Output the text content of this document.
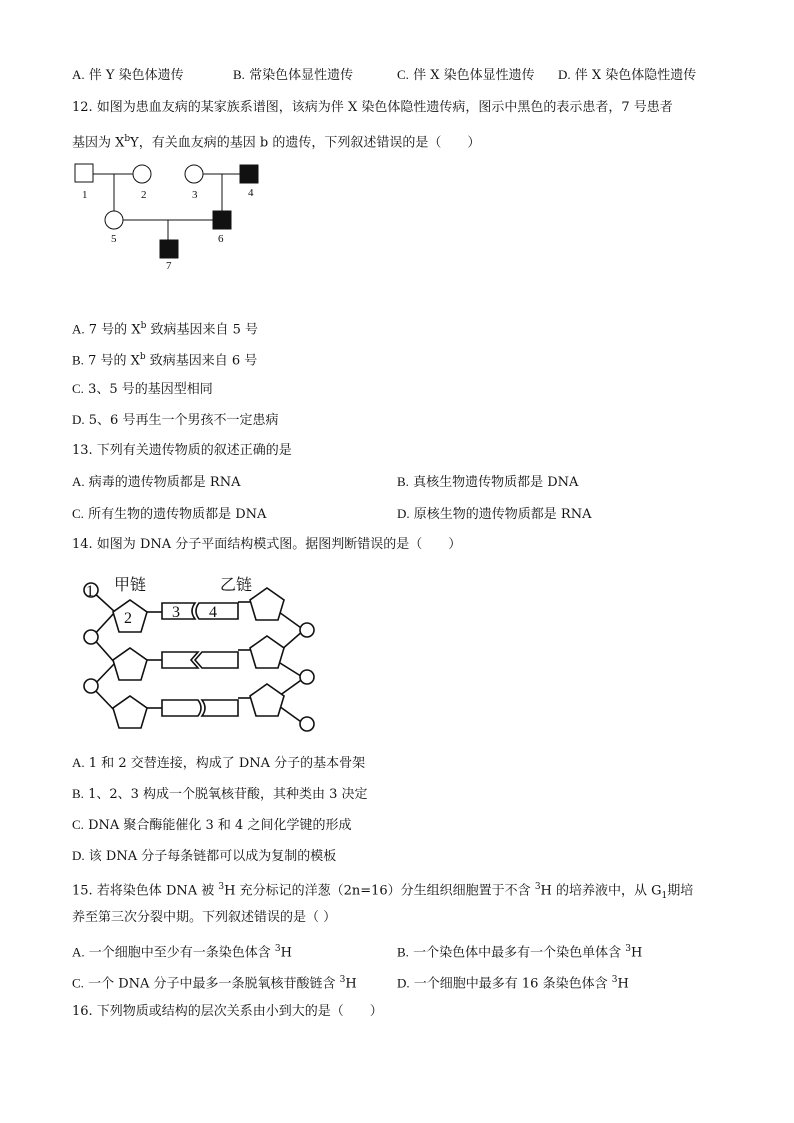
A. 伴 Y 染色体遗传	B. 常染色体显性遗传	C. 伴 X 染色体显性遗传 D. 伴 X 染色体隐性遗传
12. 如图为患血友病的某家族系谱图，该病为伴 X 染色体隐性遗传病，图示中黑色的表示患者，7 号患者
基因为 $X^bY$，有关血友病的基因 b 的遗传，下列叙述错误的是（　　）
1	2	3	4
5	6
7
A. 7 号的 $X^b$ 致病基因来自 5 号
B. 7 号的 $X^b$ 致病基因来自 6 号
C. 3、5 号的基因型相同
D. 5、6 号再生一个男孩不一定患病
13. 下列有关遗传物质的叙述正确的是
A. 病毒的遗传物质都是 RNA	B. 真核生物遗传物质都是 DNA
C. 所有生物的遗传物质都是 DNA	D. 原核生物的遗传物质都是 RNA
14. 如图为 DNA 分子平面结构模式图。据图判断错误的是（　　）
甲链	乙链
1
2	3 4
A. 1 和 2 交替连接，构成了 DNA 分子的基本骨架
B. 1、2、3 构成一个脱氧核苷酸，其种类由 3 决定
C. DNA 聚合酶能催化 3 和 4 之间化学键的形成
D. 该 DNA 分子每条链都可以成为复制的模板
15. 若将染色体 DNA 被 $^3$H 充分标记的洋葱（2n=16）分生组织细胞置于不含 $^3$H 的培养液中，从 $G_1$期培
养至第三次分裂中期。下列叙述错误的是（ ）
A. 一个细胞中至少有一条染色体含 $^3$H	B. 一个染色体中最多有一个染色单体含 $^3$H
C. 一个 DNA 分子中最多一条脱氧核苷酸链含 $^3$H	D. 一个细胞中最多有 16 条染色体含 $^3$H
16. 下列物质或结构的层次关系由小到大的是（　　）
